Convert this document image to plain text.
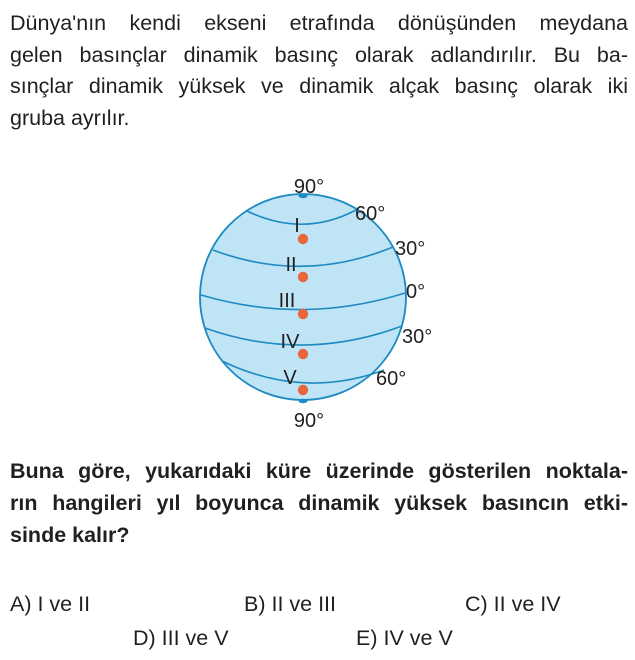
Dünya'nın kendi ekseni etrafında dönüşünden meydana
gelen basınçlar dinamik basınç olarak adlandırılır. Bu ba-
sınçlar dinamik yüksek ve dinamik alçak basınç olarak iki
gruba ayrılır.

I
II
III
IV
V
90°
60°
30°
0°
30°
60°
90°

Buna göre, yukarıdaki küre üzerinde gösterilen noktala-
rın hangileri yıl boyunca dinamik yüksek basıncın etki-
sinde kalır?

A) I ve II	B) II ve III	C) II ve IV
D) III ve V	E) IV ve V
